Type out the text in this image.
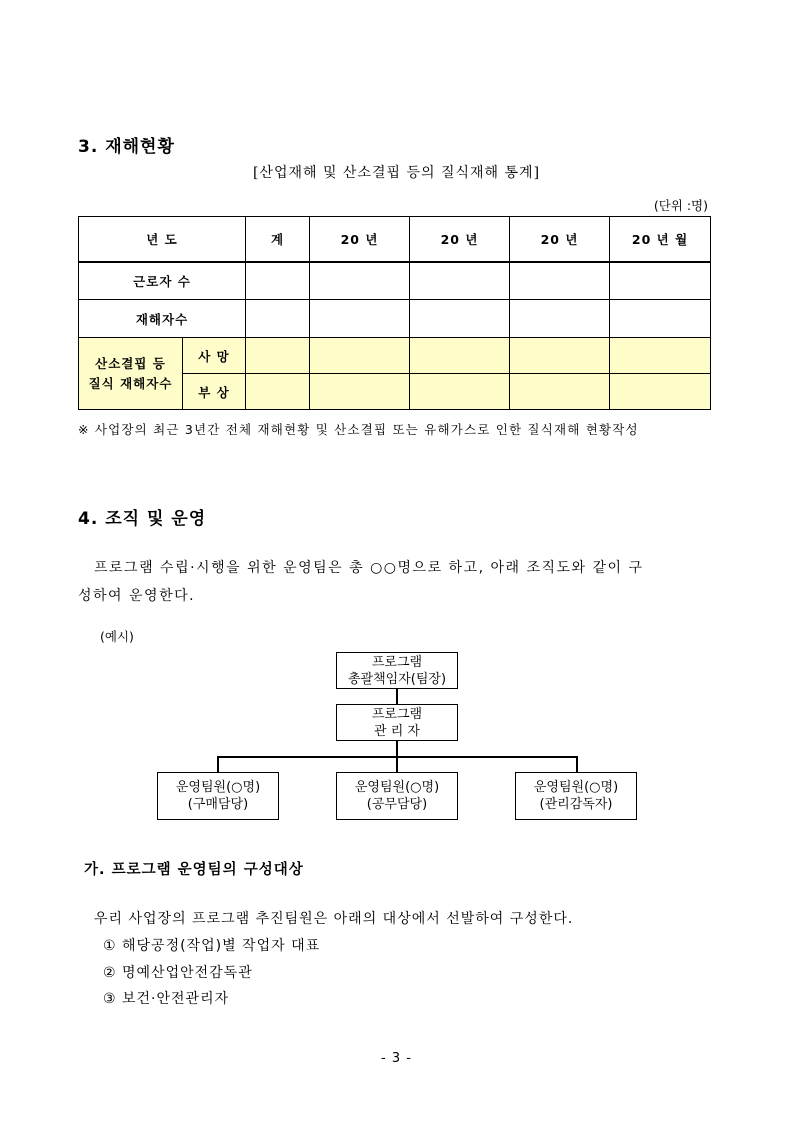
3. 재해현황
[산업재해 및 산소결핍 등의 질식재해 통계]
(단위 :명)
년 도		계	20 년	20 년	20 년	20 년 월
근로자 수						
재해자수						

산소결핍 등
질식 재해자수	사 망					
	부 상					
※ 사업장의 최근 3년간 전체 재해현황 및 산소결핍 또는 유해가스로 인한 질식재해 현황작성
4. 조직 및 운영
프로그램 수립·시행을 위한 운영팀은 총 ○○명으로 하고, 아래 조직도와 같이 구
성하여 운영한다.
(예시)
프로그램
총괄책임자(팀장)
프로그램
관 리 자
운영팀원(○명)
(구매담당)
운영팀원(○명)
(공무담당)
운영팀원(○명)
(관리감독자)
가. 프로그램 운영팀의 구성대상
우리 사업장의 프로그램 추진팀원은 아래의 대상에서 선발하여 구성한다.
① 해당공정(작업)별 작업자 대표
② 명예산업안전감독관
③ 보건·안전관리자
- 3 -
